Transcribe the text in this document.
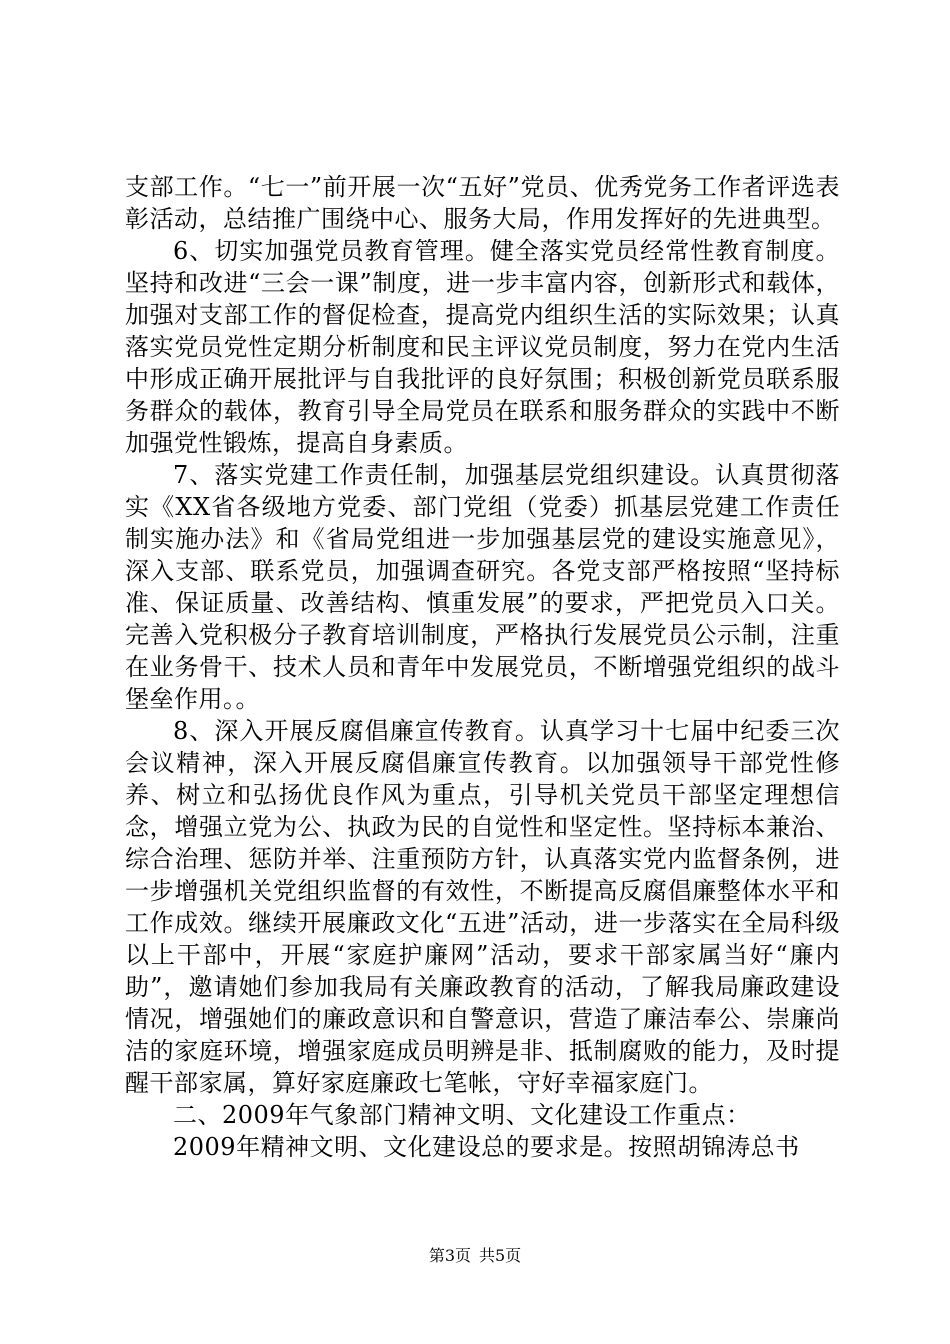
支部工作。“七一”前开展一次“五好”党员、优秀党务工作者评选表彰活动，总结推广围绕中心、服务大局，作用发挥好的先进典型。

6、切实加强党员教育管理。健全落实党员经常性教育制度。坚持和改进“三会一课”制度，进一步丰富内容，创新形式和载体，加强对支部工作的督促检查，提高党内组织生活的实际效果；认真落实党员党性定期分析制度和民主评议党员制度，努力在党内生活中形成正确开展批评与自我批评的良好氛围；积极创新党员联系服务群众的载体，教育引导全局党员在联系和服务群众的实践中不断加强党性锻炼，提高自身素质。

7、落实党建工作责任制，加强基层党组织建设。认真贯彻落实《XX省各级地方党委、部门党组（党委）抓基层党建工作责任制实施办法》和《省局党组进一步加强基层党的建设实施意见》，深入支部、联系党员，加强调查研究。各党支部严格按照“坚持标准、保证质量、改善结构、慎重发展”的要求，严把党员入口关。完善入党积极分子教育培训制度，严格执行发展党员公示制，注重在业务骨干、技术人员和青年中发展党员，不断增强党组织的战斗堡垒作用。。

8、深入开展反腐倡廉宣传教育。认真学习十七届中纪委三次会议精神，深入开展反腐倡廉宣传教育。以加强领导干部党性修养、树立和弘扬优良作风为重点，引导机关党员干部坚定理想信念，增强立党为公、执政为民的自觉性和坚定性。坚持标本兼治、综合治理、惩防并举、注重预防方针，认真落实党内监督条例，进一步增强机关党组织监督的有效性，不断提高反腐倡廉整体水平和工作成效。继续开展廉政文化“五进”活动，进一步落实在全局科级以上干部中，开展“家庭护廉网”活动，要求干部家属当好“廉内助”，邀请她们参加我局有关廉政教育的活动，了解我局廉政建设情况，增强她们的廉政意识和自警意识，营造了廉洁奉公、崇廉尚洁的家庭环境，增强家庭成员明辨是非、抵制腐败的能力，及时提醒干部家属，算好家庭廉政七笔帐，守好幸福家庭门。

二、2009年气象部门精神文明、文化建设工作重点：

2009年精神文明、文化建设总的要求是。按照胡锦涛总书

第3页 共5页
